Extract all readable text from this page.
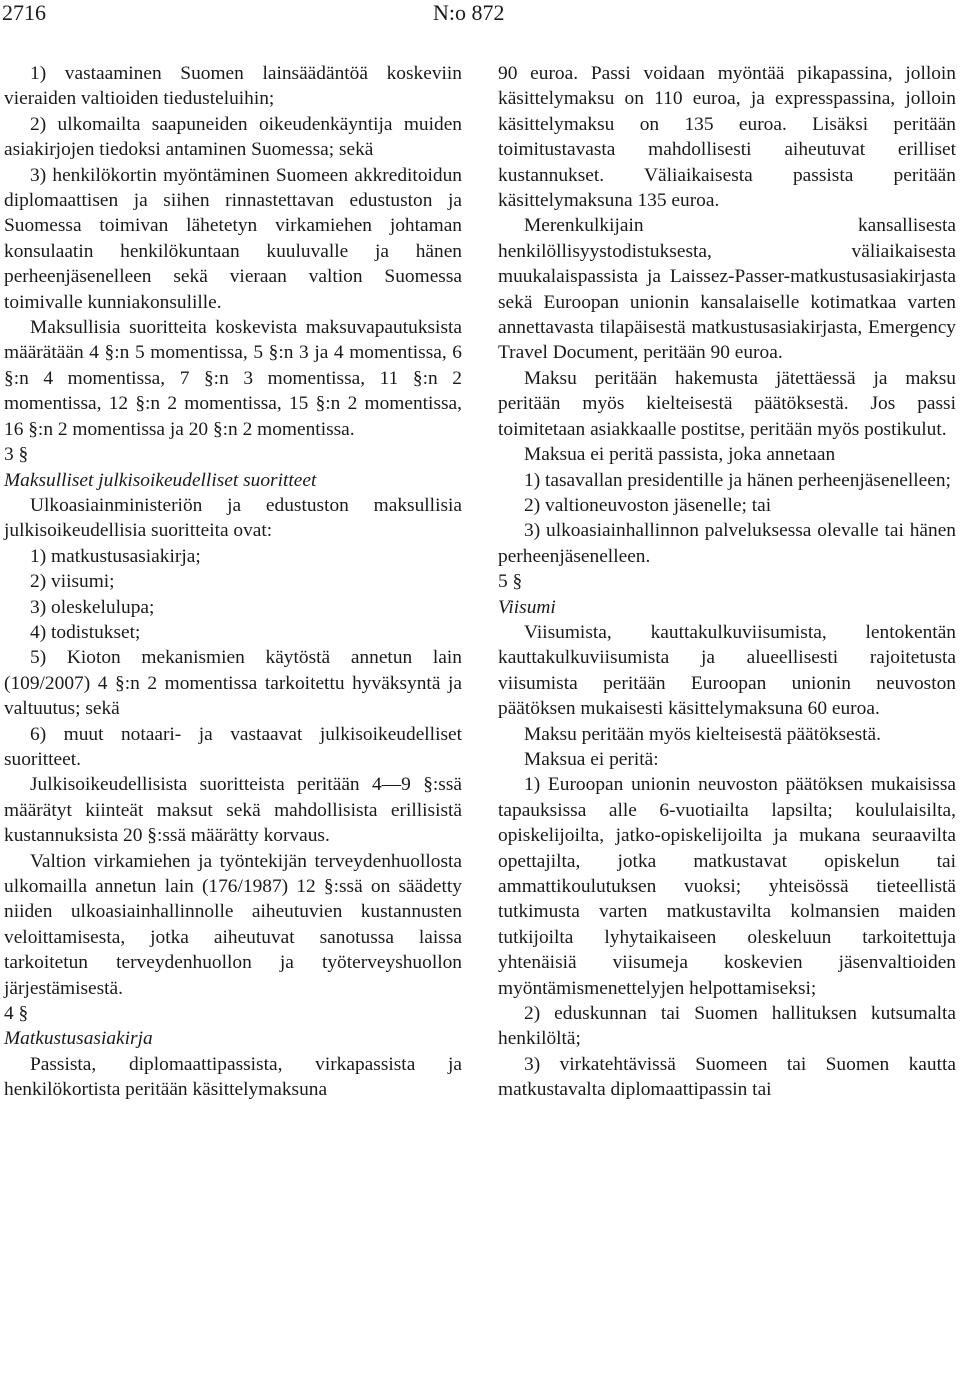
2716	N:o 872

1) vastaaminen Suomen lainsäädäntöä koskeviin vieraiden valtioiden tiedusteluihin;

2) ulkomailta saapuneiden oikeudenkäyntija muiden asiakirjojen tiedoksi antaminen Suomessa; sekä

3) henkilökortin myöntäminen Suomeen akkreditoidun diplomaattisen ja siihen rinnastettavan edustuston ja Suomessa toimivan lähetetyn virkamiehen johtaman konsulaatin henkilökuntaan kuuluvalle ja hänen perheenjäsenelleen sekä vieraan valtion Suomessa toimivalle kunniakonsulille.

Maksullisia suoritteita koskevista maksuvapautuksista määrätään 4 §:n 5 momentissa, 5 §:n 3 ja 4 momentissa, 6 §:n 4 momentissa, 7 §:n 3 momentissa, 11 §:n 2 momentissa, 12 §:n 2 momentissa, 15 §:n 2 momentissa, 16 §:n 2 momentissa ja 20 §:n 2 momentissa.

3 §

Maksulliset julkisoikeudelliset suoritteet

Ulkoasiainministeriön ja edustuston maksullisia julkisoikeudellisia suoritteita ovat:

1) matkustusasiakirja;

2) viisumi;

3) oleskelulupa;

4) todistukset;

5) Kioton mekanismien käytöstä annetun lain (109/2007) 4 §:n 2 momentissa tarkoitettu hyväksyntä ja valtuutus; sekä

6) muut notaari- ja vastaavat julkisoikeudelliset suoritteet.

Julkisoikeudellisista suoritteista peritään 4—9 §:ssä määrätyt kiinteät maksut sekä mahdollisista erillisistä kustannuksista 20 §:ssä määrätty korvaus.

Valtion virkamiehen ja työntekijän terveydenhuollosta ulkomailla annetun lain (176/1987) 12 §:ssä on säädetty niiden ulkoasiainhallinnolle aiheutuvien kustannusten veloittamisesta, jotka aiheutuvat sanotussa laissa tarkoitetun terveydenhuollon ja työterveyshuollon järjestämisestä.

4 §

Matkustusasiakirja

Passista, diplomaattipassista, virkapassista ja henkilökortista peritään käsittelymaksuna

90 euroa. Passi voidaan myöntää pikapassina, jolloin käsittelymaksu on 110 euroa, ja expresspassina, jolloin käsittelymaksu on 135 euroa. Lisäksi peritään toimitustavasta mahdollisesti aiheutuvat erilliset kustannukset. Väliaikaisesta passista peritään käsittelymaksuna 135 euroa.

Merenkulkijain kansallisesta henkilöllisyystodistuksesta, väliaikaisesta muukalaispassista ja Laissez-Passer-matkustusasiakirjasta sekä Euroopan unionin kansalaiselle kotimatkaa varten annettavasta tilapäisestä matkustusasiakirjasta, Emergency Travel Document, peritään 90 euroa.

Maksu peritään hakemusta jätettäessä ja maksu peritään myös kielteisestä päätöksestä. Jos passi toimitetaan asiakkaalle postitse, peritään myös postikulut.

Maksua ei peritä passista, joka annetaan

1) tasavallan presidentille ja hänen perheenjäsenelleen;

2) valtioneuvoston jäsenelle; tai

3) ulkoasiainhallinnon palveluksessa olevalle tai hänen perheenjäsenelleen.

5 §

Viisumi

Viisumista, kauttakulkuviisumista, lentokentän kauttakulkuviisumista ja alueellisesti rajoitetusta viisumista peritään Euroopan unionin neuvoston päätöksen mukaisesti käsittelymaksuna 60 euroa.

Maksu peritään myös kielteisestä päätöksestä.

Maksua ei peritä:

1) Euroopan unionin neuvoston päätöksen mukaisissa tapauksissa alle 6-vuotiailta lapsilta; koululaisilta, opiskelijoilta, jatko-opiskelijoilta ja mukana seuraavilta opettajilta, jotka matkustavat opiskelun tai ammattikoulutuksen vuoksi; yhteisössä tieteellistä tutkimusta varten matkustavilta kolmansien maiden tutkijoilta lyhytaikaiseen oleskeluun tarkoitettuja yhtenäisiä viisumeja koskevien jäsenvaltioiden myöntämismenettelyjen helpottamiseksi;

2) eduskunnan tai Suomen hallituksen kutsumalta henkilöltä;

3) virkatehtävissä Suomeen tai Suomen kautta matkustavalta diplomaattipassin tai
